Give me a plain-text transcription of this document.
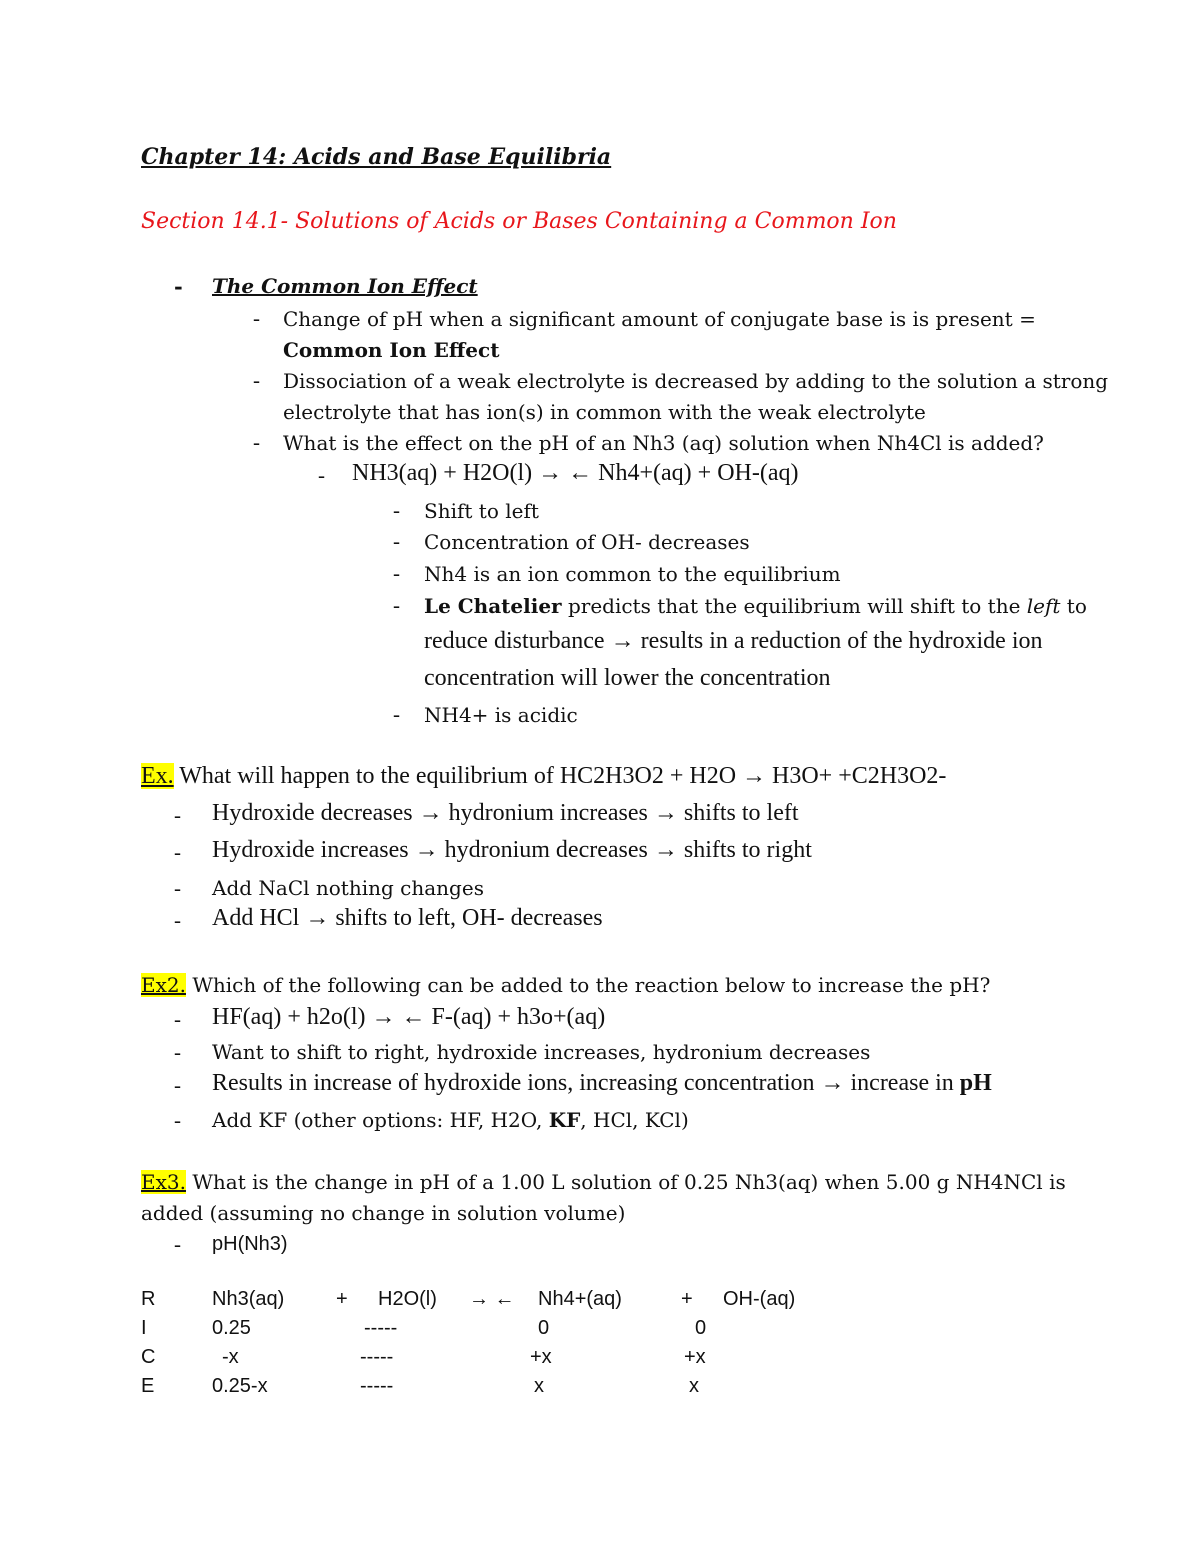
Chapter 14: Acids and Base Equilibria
Section 14.1- Solutions of Acids or Bases Containing a Common Ion
- The Common Ion Effect
- Change of pH when a significant amount of conjugate base is is present =
Common Ion Effect
- Dissociation of a weak electrolyte is decreased by adding to the solution a strong
electrolyte that has ion(s) in common with the weak electrolyte
- What is the effect on the pH of an Nh3 (aq) solution when Nh4Cl is added?
- NH3(aq) + H2O(l) → ← Nh4+(aq) + OH-(aq)
- Shift to left
- Concentration of OH- decreases
- Nh4 is an ion common to the equilibrium
- Le Chatelier predicts that the equilibrium will shift to the left to
reduce disturbance → results in a reduction of the hydroxide ion
concentration will lower the concentration
- NH4+ is acidic
Ex. What will happen to the equilibrium of HC2H3O2 + H2O → H3O+ +C2H3O2-
- Hydroxide decreases → hydronium increases → shifts to left
- Hydroxide increases → hydronium decreases → shifts to right
- Add NaCl nothing changes
- Add HCl → shifts to left, OH- decreases
Ex2. Which of the following can be added to the reaction below to increase the pH?
- HF(aq) + h2o(l) → ← F-(aq) + h3o+(aq)
- Want to shift to right, hydroxide increases, hydronium decreases
- Results in increase of hydroxide ions, increasing concentration → increase in pH
- Add KF (other options: HF, H2O, KF, HCl, KCl)
Ex3. What is the change in pH of a 1.00 L solution of 0.25 Nh3(aq) when 5.00 g NH4NCl is
added (assuming no change in solution volume)
- pH(Nh3)
R	Nh3(aq)	+ H2O(l) → ← Nh4+(aq)	+ OH-(aq)
I	0.25	-----	0	0
C	-x	-----	+x	+x
E	0.25-x	-----	x	x
